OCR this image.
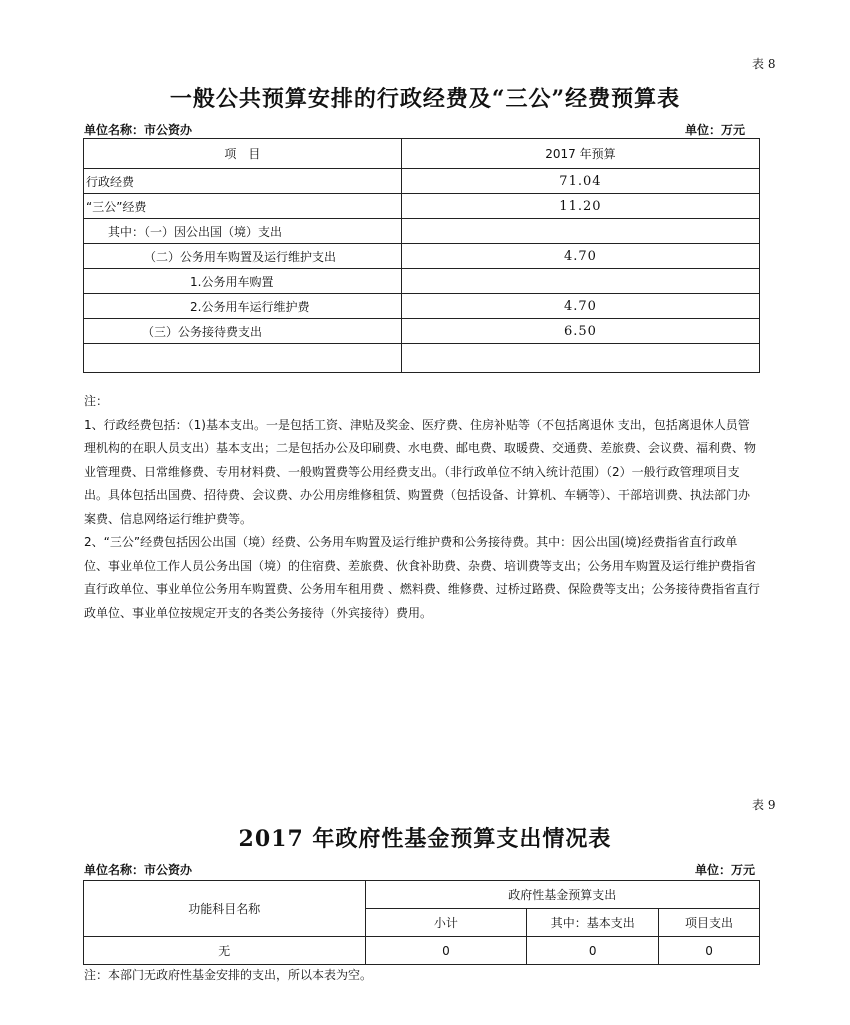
表 8
一般公共预算安排的行政经费及“三公”经费预算表
单位名称：市公资办	单位：万元
项　目	2017 年预算
行政经费	71.04
“三公”经费	11.20
其中：（一）因公出国（境）支出	
（二）公务用车购置及运行维护支出	4.70
1.公务用车购置	
2.公务用车运行维护费	4.70
（三）公务接待费支出	6.50

注：

1、行政经费包括：（1)基本支出。一是包括工资、津贴及奖金、医疗费、住房补贴等（不包括离退休 支出，包括离退休人员管理机构的在职人员支出）基本支出；二是包括办公及印刷费、水电费、邮电费、取暖费、交通费、差旅费、会议费、福利费、物业管理费、日常维修费、专用材料费、一般购置费等公用经费支出。（非行政单位不纳入统计范围）（2）一般行政管理项目支出。具体包括出国费、招待费、会议费、办公用房维修租赁、购置费（包括设备、计算机、车辆等）、干部培训费、执法部门办案费、信息网络运行维护费等。

2、“三公”经费包括因公出国（境）经费、公务用车购置及运行维护费和公务接待费。其中：因公出国(境)经费指省直行政单位、事业单位工作人员公务出国（境）的住宿费、差旅费、伙食补助费、杂费、培训费等支出；公务用车购置及运行维护费指省直行政单位、事业单位公务用车购置费、公务用车租用费 、燃料费、维修费、过桥过路费、保险费等支出；公务接待费指省直行政单位、事业单位按规定开支的各类公务接待（外宾接待）费用。

表 9
2017 年政府性基金预算支出情况表
单位名称：市公资办	单位：万元
功能科目名称	政府性基金预算支出		
	小计	其中：基本支出	项目支出
无	0	0	0
注：本部门无政府性基金安排的支出，所以本表为空。
